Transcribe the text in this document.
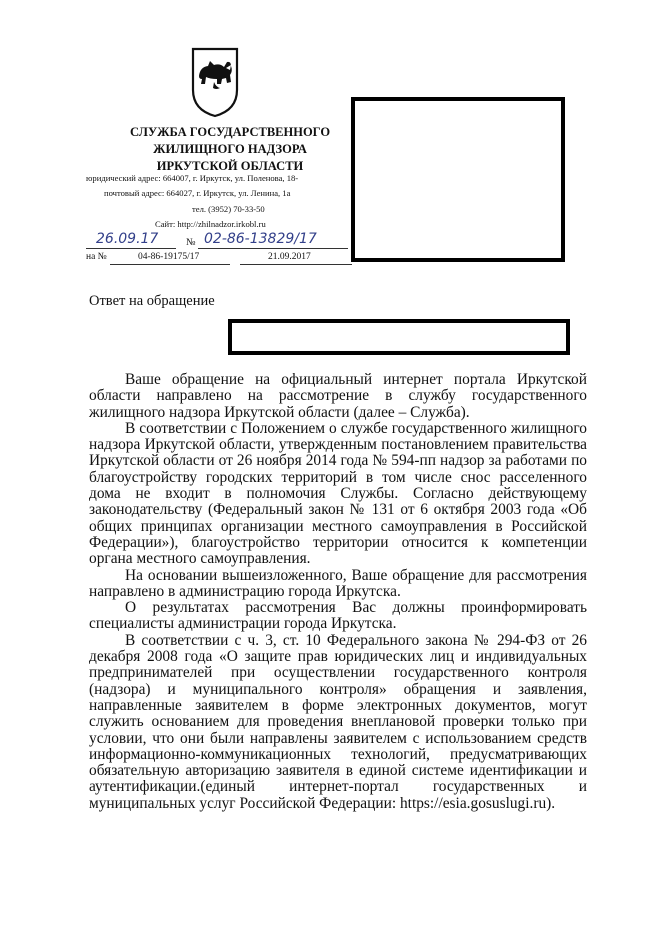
СЛУЖБА ГОСУДАРСТВЕННОГО
ЖИЛИЩНОГО НАДЗОРА
ИРКУТСКОЙ ОБЛАСТИ
юридический адрес: 664007, г. Иркутск, ул. Поленова, 18-
почтовый адрес: 664027, г. Иркутск, ул. Ленина, 1а
тел. (3952) 70-33-50
Сайт: http://zhilnadzor.irkobl.ru
26.09.17	№ 02-86-13829/17
на №	04-86-19175/17	21.09.2017
Ответ на обращение

Ваше обращение на официальный интернет портала Иркутской области направлено на рассмотрение в службу государственного жилищного надзора Иркутской области (далее – Служба).

В соответствии с Положением о службе государственного жилищного надзора Иркутской области, утвержденным постановлением правительства Иркутской области от 26 ноября 2014 года № 594-пп надзор за работами по благоустройству городских территорий в том числе снос расселенного дома не входит в полномочия Службы. Согласно действующему законодательству (Федеральный закон № 131 от 6 октября 2003 года «Об общих принципах организации местного самоуправления в Российской Федерации»), благоустройство территории относится к компетенции органа местного самоуправления.

На основании вышеизложенного, Ваше обращение для рассмотрения направлено в администрацию города Иркутска.

О результатах рассмотрения Вас должны проинформировать специалисты администрации города Иркутска.

В соответствии с ч. 3, ст. 10 Федерального закона № 294-ФЗ от 26 декабря 2008 года «О защите прав юридических лиц и индивидуальных предпринимателей при осуществлении государственного контроля (надзора) и муниципального контроля» обращения и заявления, направленные заявителем в форме электронных документов, могут служить основанием для проведения внеплановой проверки только при условии, что они были направлены заявителем с использованием средств информационно-коммуникационных технологий, предусматривающих обязательную авторизацию заявителя в единой системе идентификации и аутентификации.(единый интернет-портал государственных и муниципальных услуг Российской Федерации: https://esia.gosuslugi.ru).
